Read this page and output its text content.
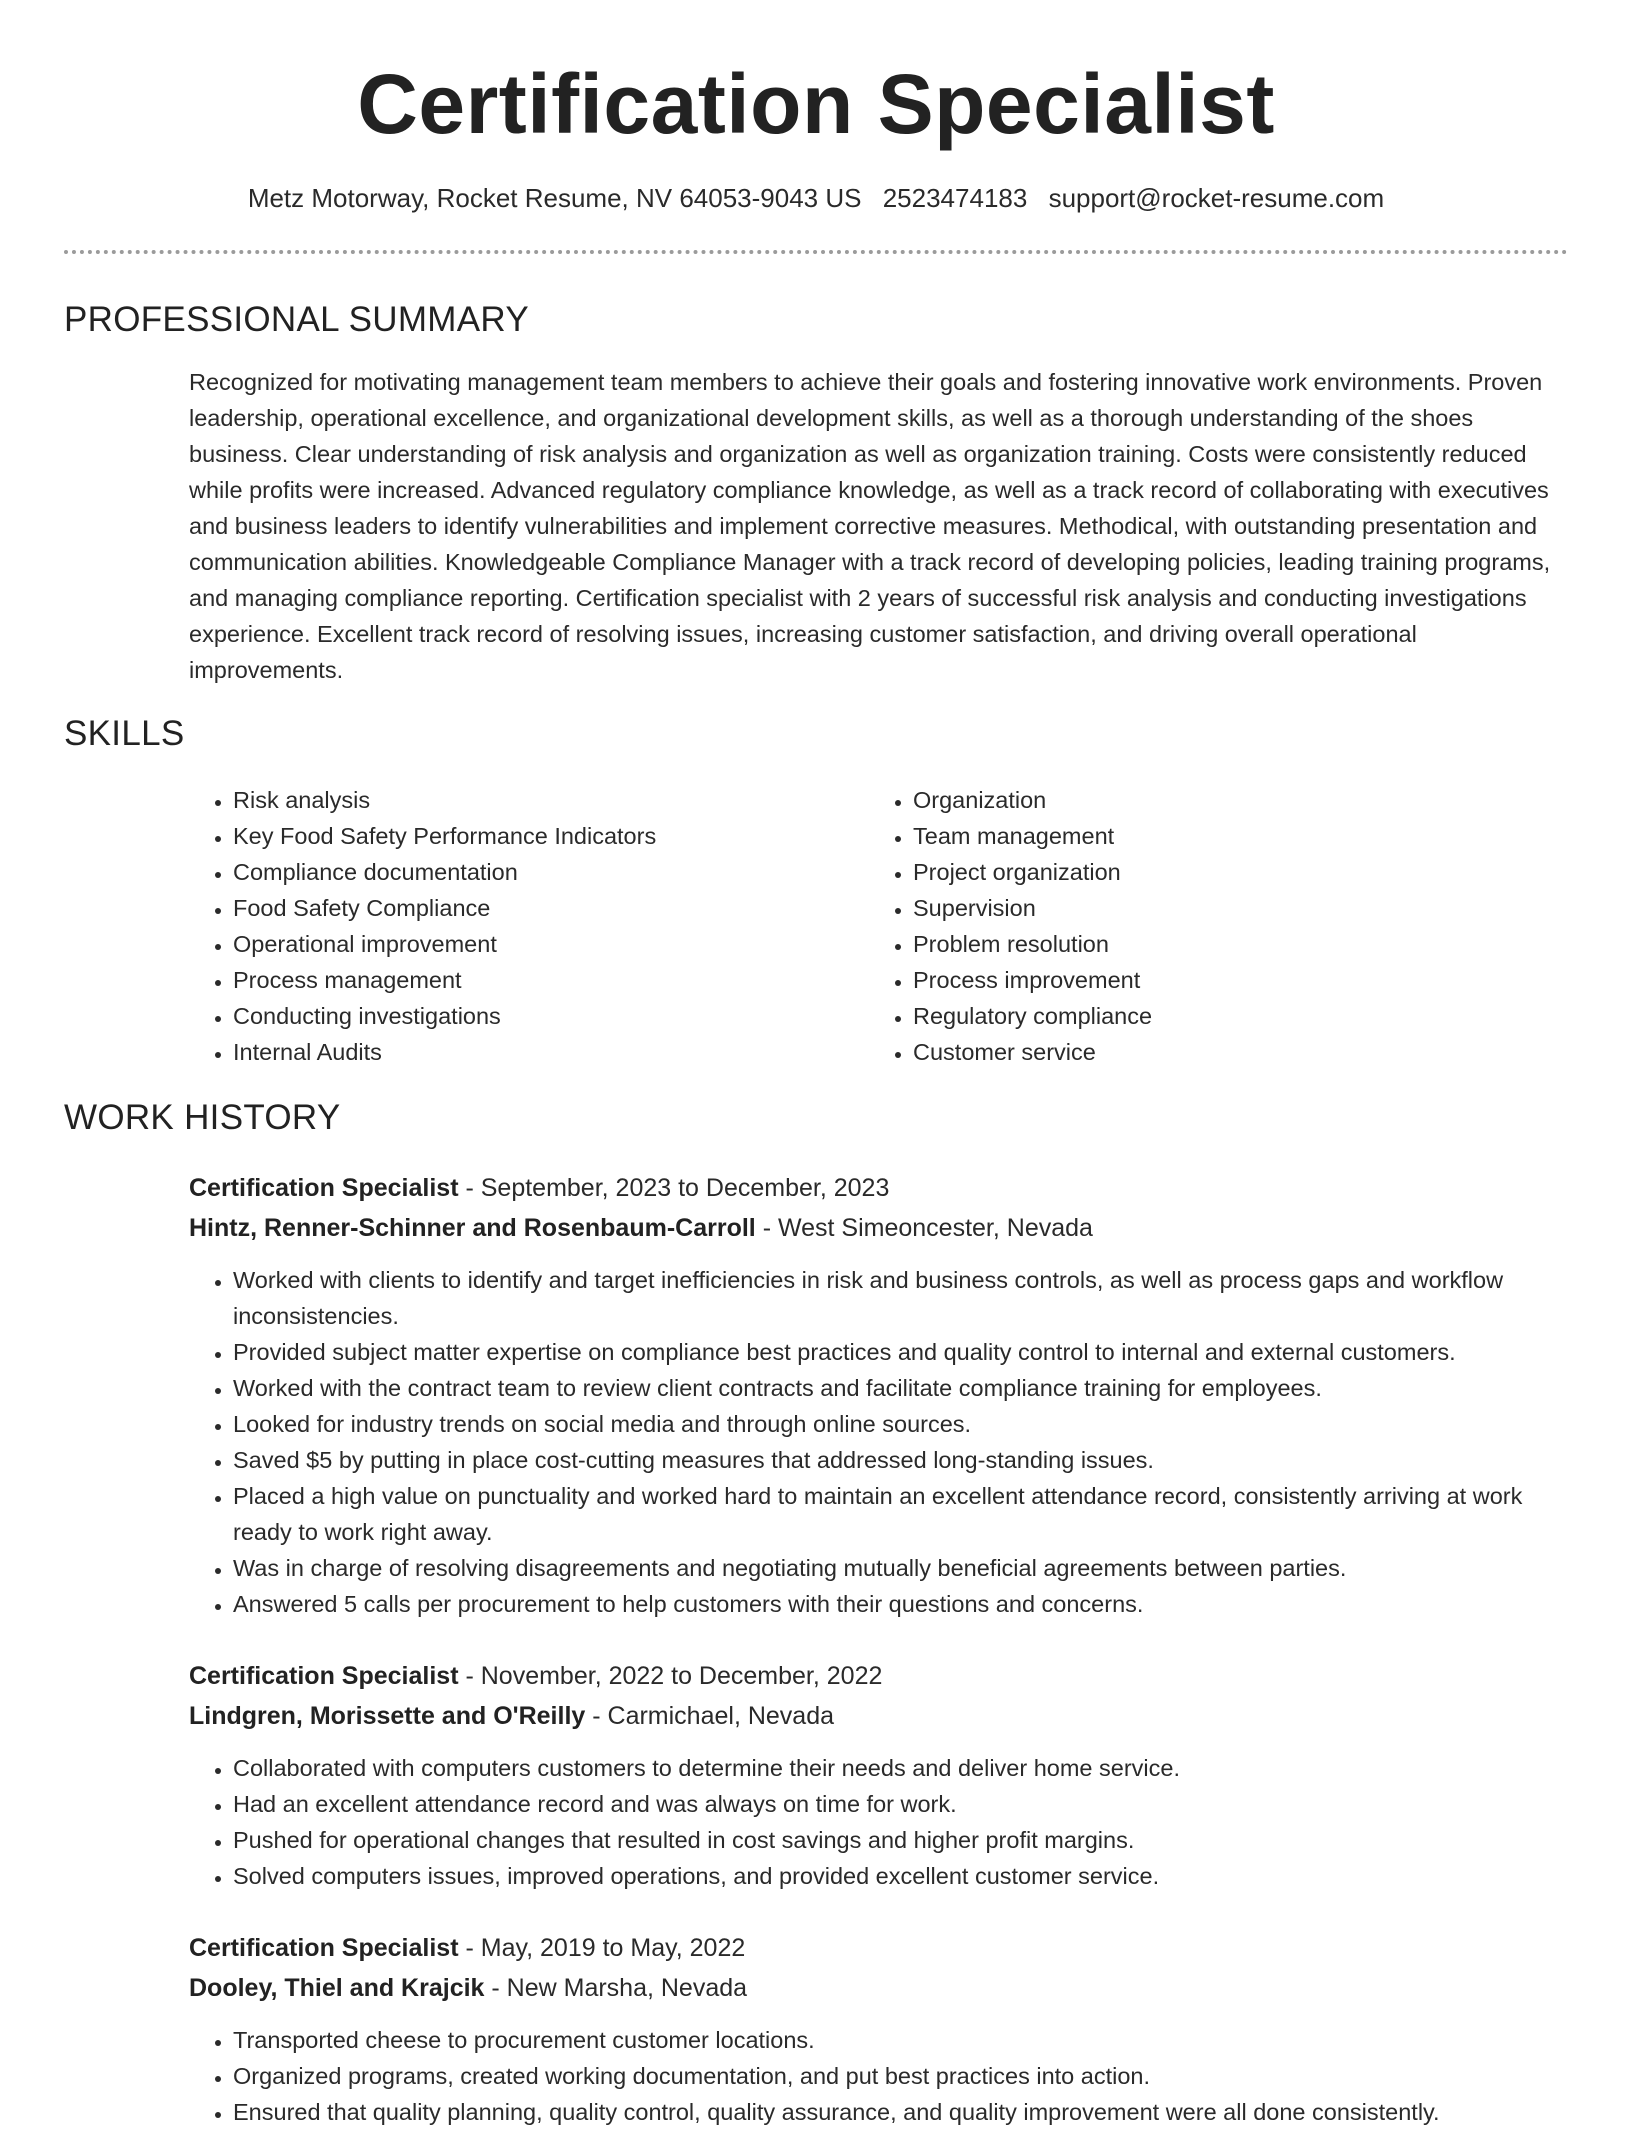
Certification Specialist
Metz Motorway, Rocket Resume, NV 64053-9043 US 2523474183 support@rocket-resume.com
PROFESSIONAL SUMMARY

Recognized for motivating management team members to achieve their goals and fostering innovative work environments. Proven leadership, operational excellence, and organizational development skills, as well as a thorough understanding of the shoes business. Clear understanding of risk analysis and organization as well as organization training. Costs were consistently reduced while profits were increased. Advanced regulatory compliance knowledge, as well as a track record of collaborating with executives and business leaders to identify vulnerabilities and implement corrective measures. Methodical, with outstanding presentation and communication abilities. Knowledgeable Compliance Manager with a track record of developing policies, leading training programs, and managing compliance reporting. Certification specialist with 2 years of successful risk analysis and conducting investigations experience. Excellent track record of resolving issues, increasing customer satisfaction, and driving overall operational improvements.

SKILLS
• Risk analysis
• Key Food Safety Performance Indicators
• Compliance documentation
• Food Safety Compliance
• Operational improvement
• Process management
• Conducting investigations
• Internal Audits
• Organization
• Team management
• Project organization
• Supervision
• Problem resolution
• Process improvement
• Regulatory compliance
• Customer service
WORK HISTORY

Certification Specialist - September, 2023 to December, 2023

Hintz, Renner-Schinner and Rosenbaum-Carroll - West Simeoncester, Nevada

• Worked with clients to identify and target inefficiencies in risk and business controls, as well as process gaps and workflow inconsistencies.
• Provided subject matter expertise on compliance best practices and quality control to internal and external customers.
• Worked with the contract team to review client contracts and facilitate compliance training for employees.
• Looked for industry trends on social media and through online sources.
• Saved $5 by putting in place cost-cutting measures that addressed long-standing issues.
• Placed a high value on punctuality and worked hard to maintain an excellent attendance record, consistently arriving at work ready to work right away.
• Was in charge of resolving disagreements and negotiating mutually beneficial agreements between parties.
• Answered 5 calls per procurement to help customers with their questions and concerns.

Certification Specialist - November, 2022 to December, 2022

Lindgren, Morissette and O'Reilly - Carmichael, Nevada

• Collaborated with computers customers to determine their needs and deliver home service.
• Had an excellent attendance record and was always on time for work.
• Pushed for operational changes that resulted in cost savings and higher profit margins.
• Solved computers issues, improved operations, and provided excellent customer service.

Certification Specialist - May, 2019 to May, 2022

Dooley, Thiel and Krajcik - New Marsha, Nevada

• Transported cheese to procurement customer locations.
• Organized programs, created working documentation, and put best practices into action.
• Ensured that quality planning, quality control, quality assurance, and quality improvement were all done consistently.
